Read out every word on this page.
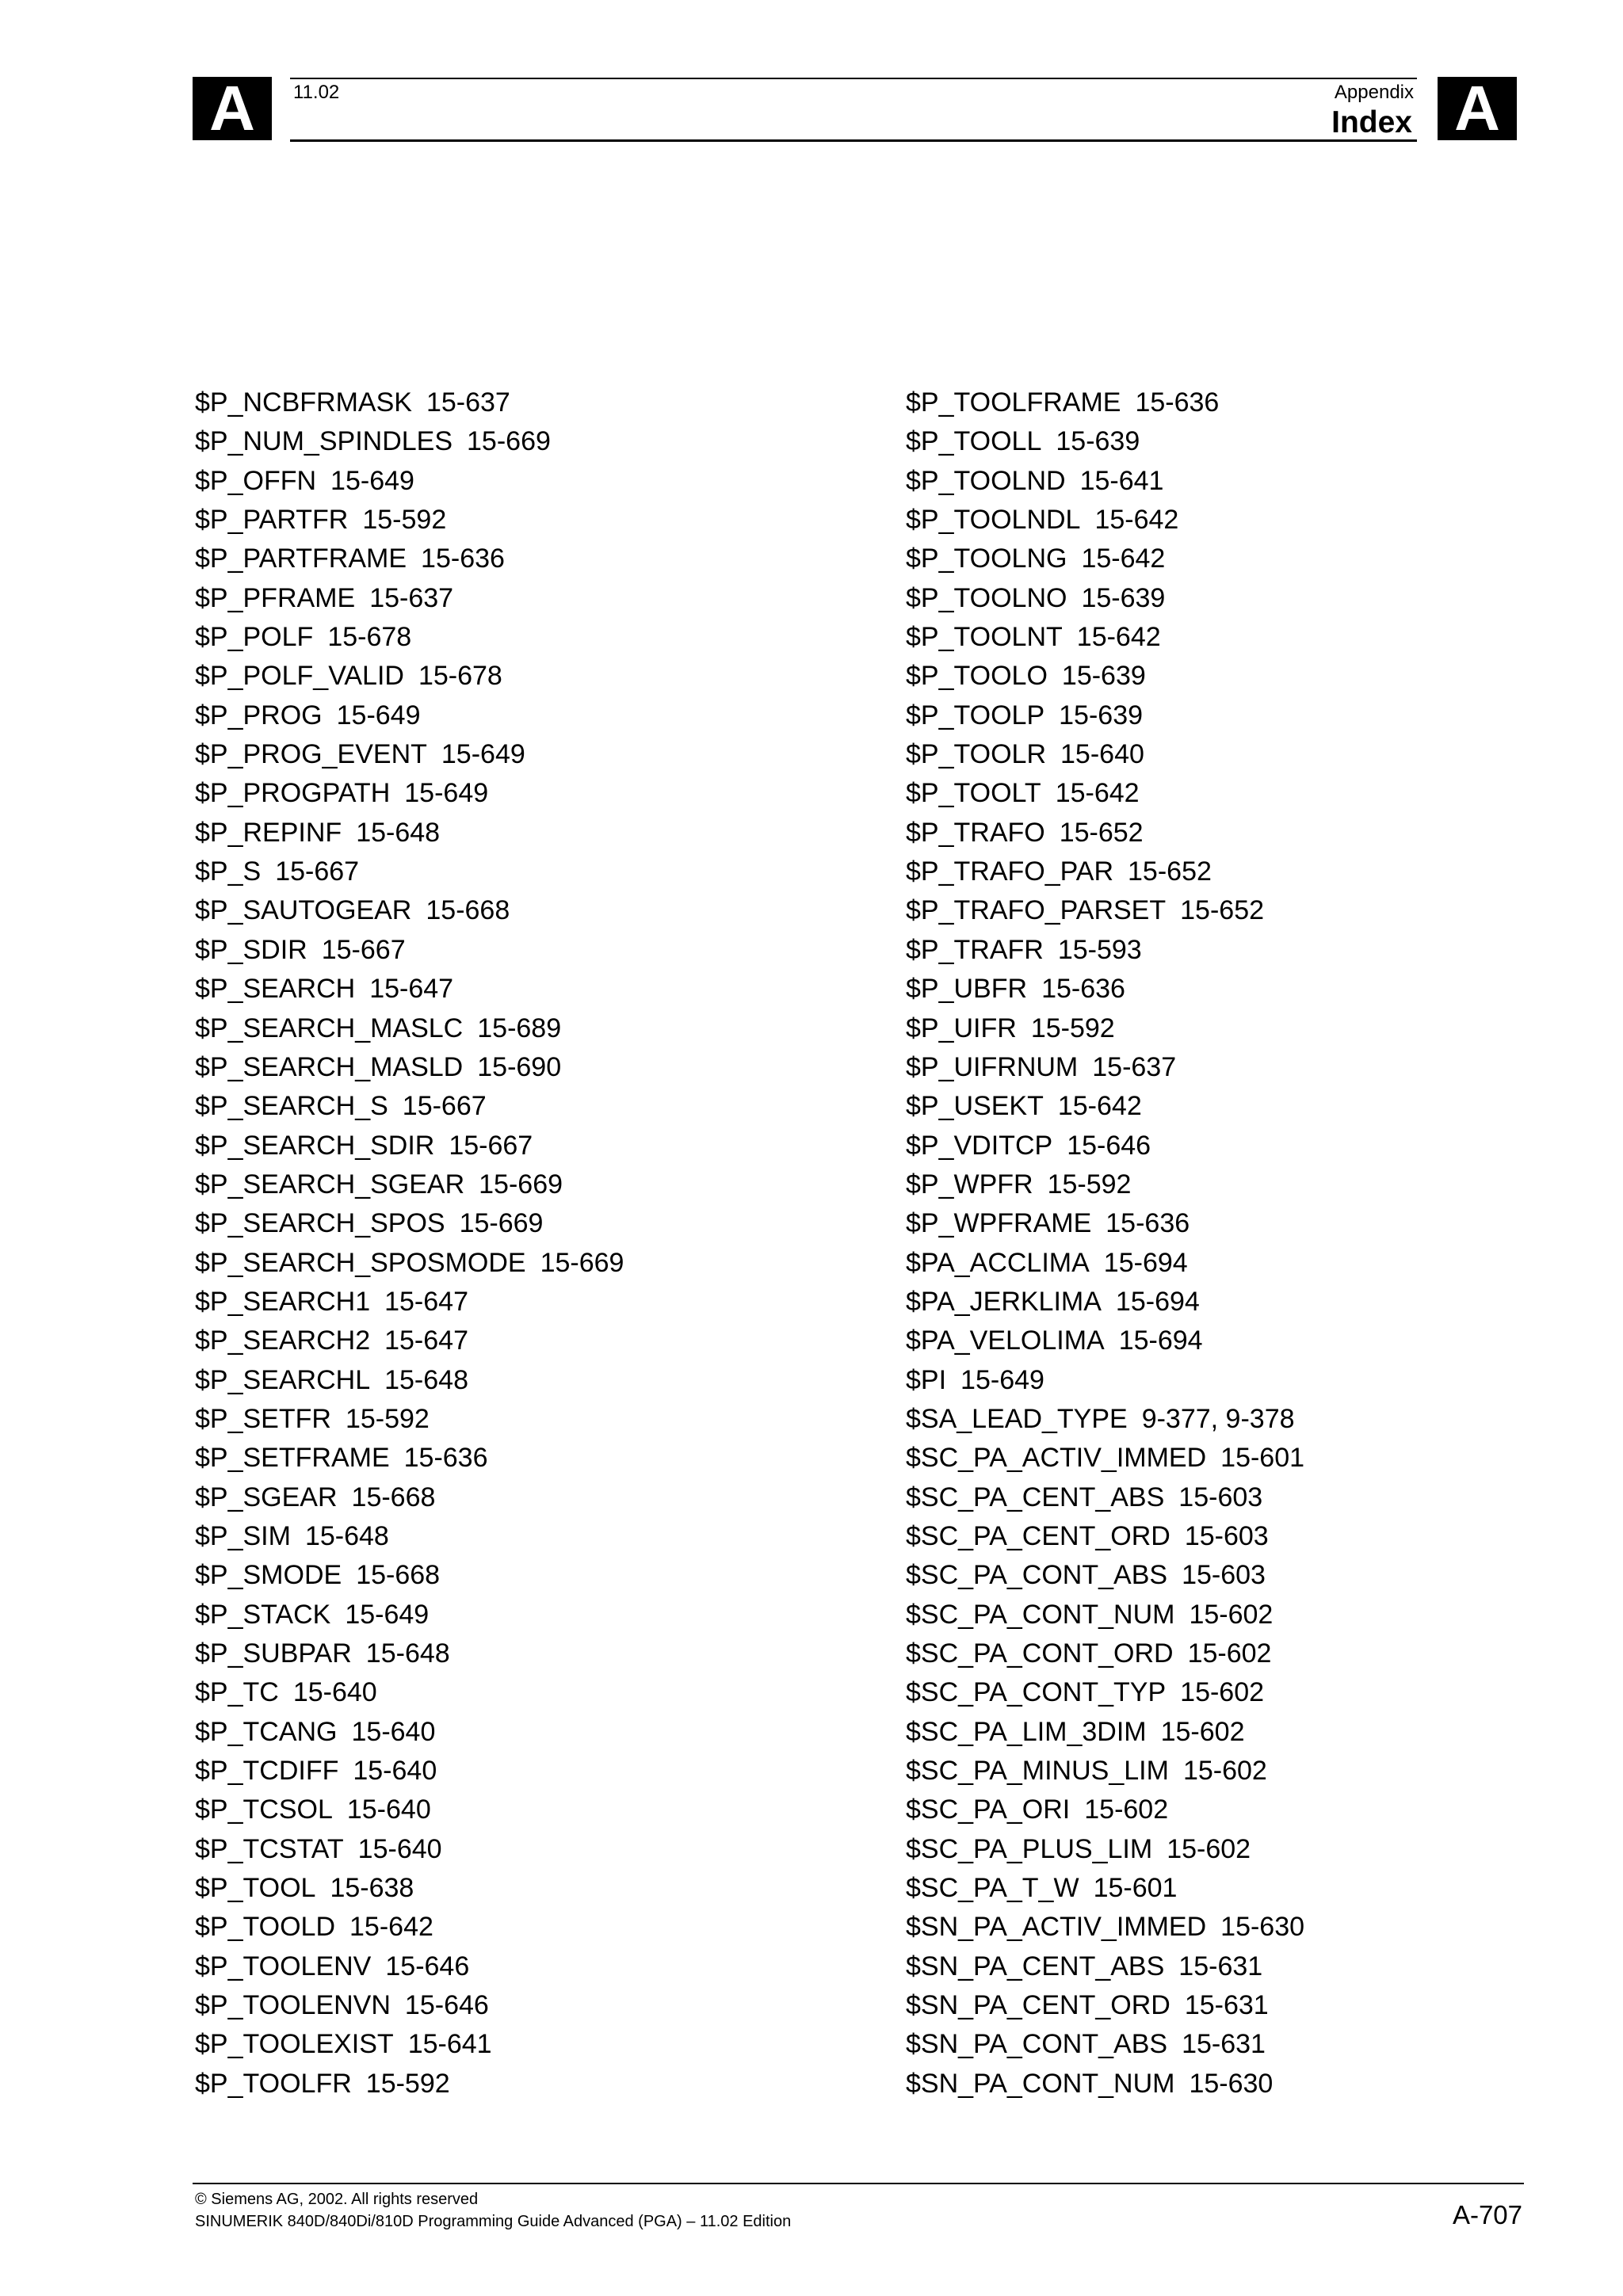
A	11.02	Appendix
Index A
$P_NCBFRMASK 15-637
$P_NUM_SPINDLES 15-669
$P_OFFN 15-649
$P_PARTFR 15-592
$P_PARTFRAME 15-636
$P_PFRAME 15-637
$P_POLF 15-678
$P_POLF_VALID 15-678
$P_PROG 15-649
$P_PROG_EVENT 15-649
$P_PROGPATH 15-649
$P_REPINF 15-648
$P_S 15-667
$P_SAUTOGEAR 15-668
$P_SDIR 15-667
$P_SEARCH 15-647
$P_SEARCH_MASLC 15-689
$P_SEARCH_MASLD 15-690
$P_SEARCH_S 15-667
$P_SEARCH_SDIR 15-667
$P_SEARCH_SGEAR 15-669
$P_SEARCH_SPOS 15-669
$P_SEARCH_SPOSMODE 15-669
$P_SEARCH1 15-647
$P_SEARCH2 15-647
$P_SEARCHL 15-648
$P_SETFR 15-592
$P_SETFRAME 15-636
$P_SGEAR 15-668
$P_SIM 15-648
$P_SMODE 15-668
$P_STACK 15-649
$P_SUBPAR 15-648
$P_TC 15-640
$P_TCANG 15-640
$P_TCDIFF 15-640
$P_TCSOL 15-640
$P_TCSTAT 15-640
$P_TOOL 15-638
$P_TOOLD 15-642
$P_TOOLENV 15-646
$P_TOOLENVN 15-646
$P_TOOLEXIST 15-641
$P_TOOLFR 15-592
$P_TOOLFRAME 15-636
$P_TOOLL 15-639
$P_TOOLND 15-641
$P_TOOLNDL 15-642
$P_TOOLNG 15-642
$P_TOOLNO 15-639
$P_TOOLNT 15-642
$P_TOOLO 15-639
$P_TOOLP 15-639
$P_TOOLR 15-640
$P_TOOLT 15-642
$P_TRAFO 15-652
$P_TRAFO_PAR 15-652
$P_TRAFO_PARSET 15-652
$P_TRAFR 15-593
$P_UBFR 15-636
$P_UIFR 15-592
$P_UIFRNUM 15-637
$P_USEKT 15-642
$P_VDITCP 15-646
$P_WPFR 15-592
$P_WPFRAME 15-636
$PA_ACCLIMA 15-694
$PA_JERKLIMA 15-694
$PA_VELOLIMA 15-694
$PI 15-649
$SA_LEAD_TYPE 9-377, 9-378
$SC_PA_ACTIV_IMMED 15-601
$SC_PA_CENT_ABS 15-603
$SC_PA_CENT_ORD 15-603
$SC_PA_CONT_ABS 15-603
$SC_PA_CONT_NUM 15-602
$SC_PA_CONT_ORD 15-602
$SC_PA_CONT_TYP 15-602
$SC_PA_LIM_3DIM 15-602
$SC_PA_MINUS_LIM 15-602
$SC_PA_ORI 15-602
$SC_PA_PLUS_LIM 15-602
$SC_PA_T_W 15-601
$SN_PA_ACTIV_IMMED 15-630
$SN_PA_CENT_ABS 15-631
$SN_PA_CENT_ORD 15-631
$SN_PA_CONT_ABS 15-631
$SN_PA_CONT_NUM 15-630
© Siemens AG, 2002. All rights reserved
SINUMERIK 840D/840Di/810D Programming Guide Advanced (PGA) – 11.02 Edition	A-707
